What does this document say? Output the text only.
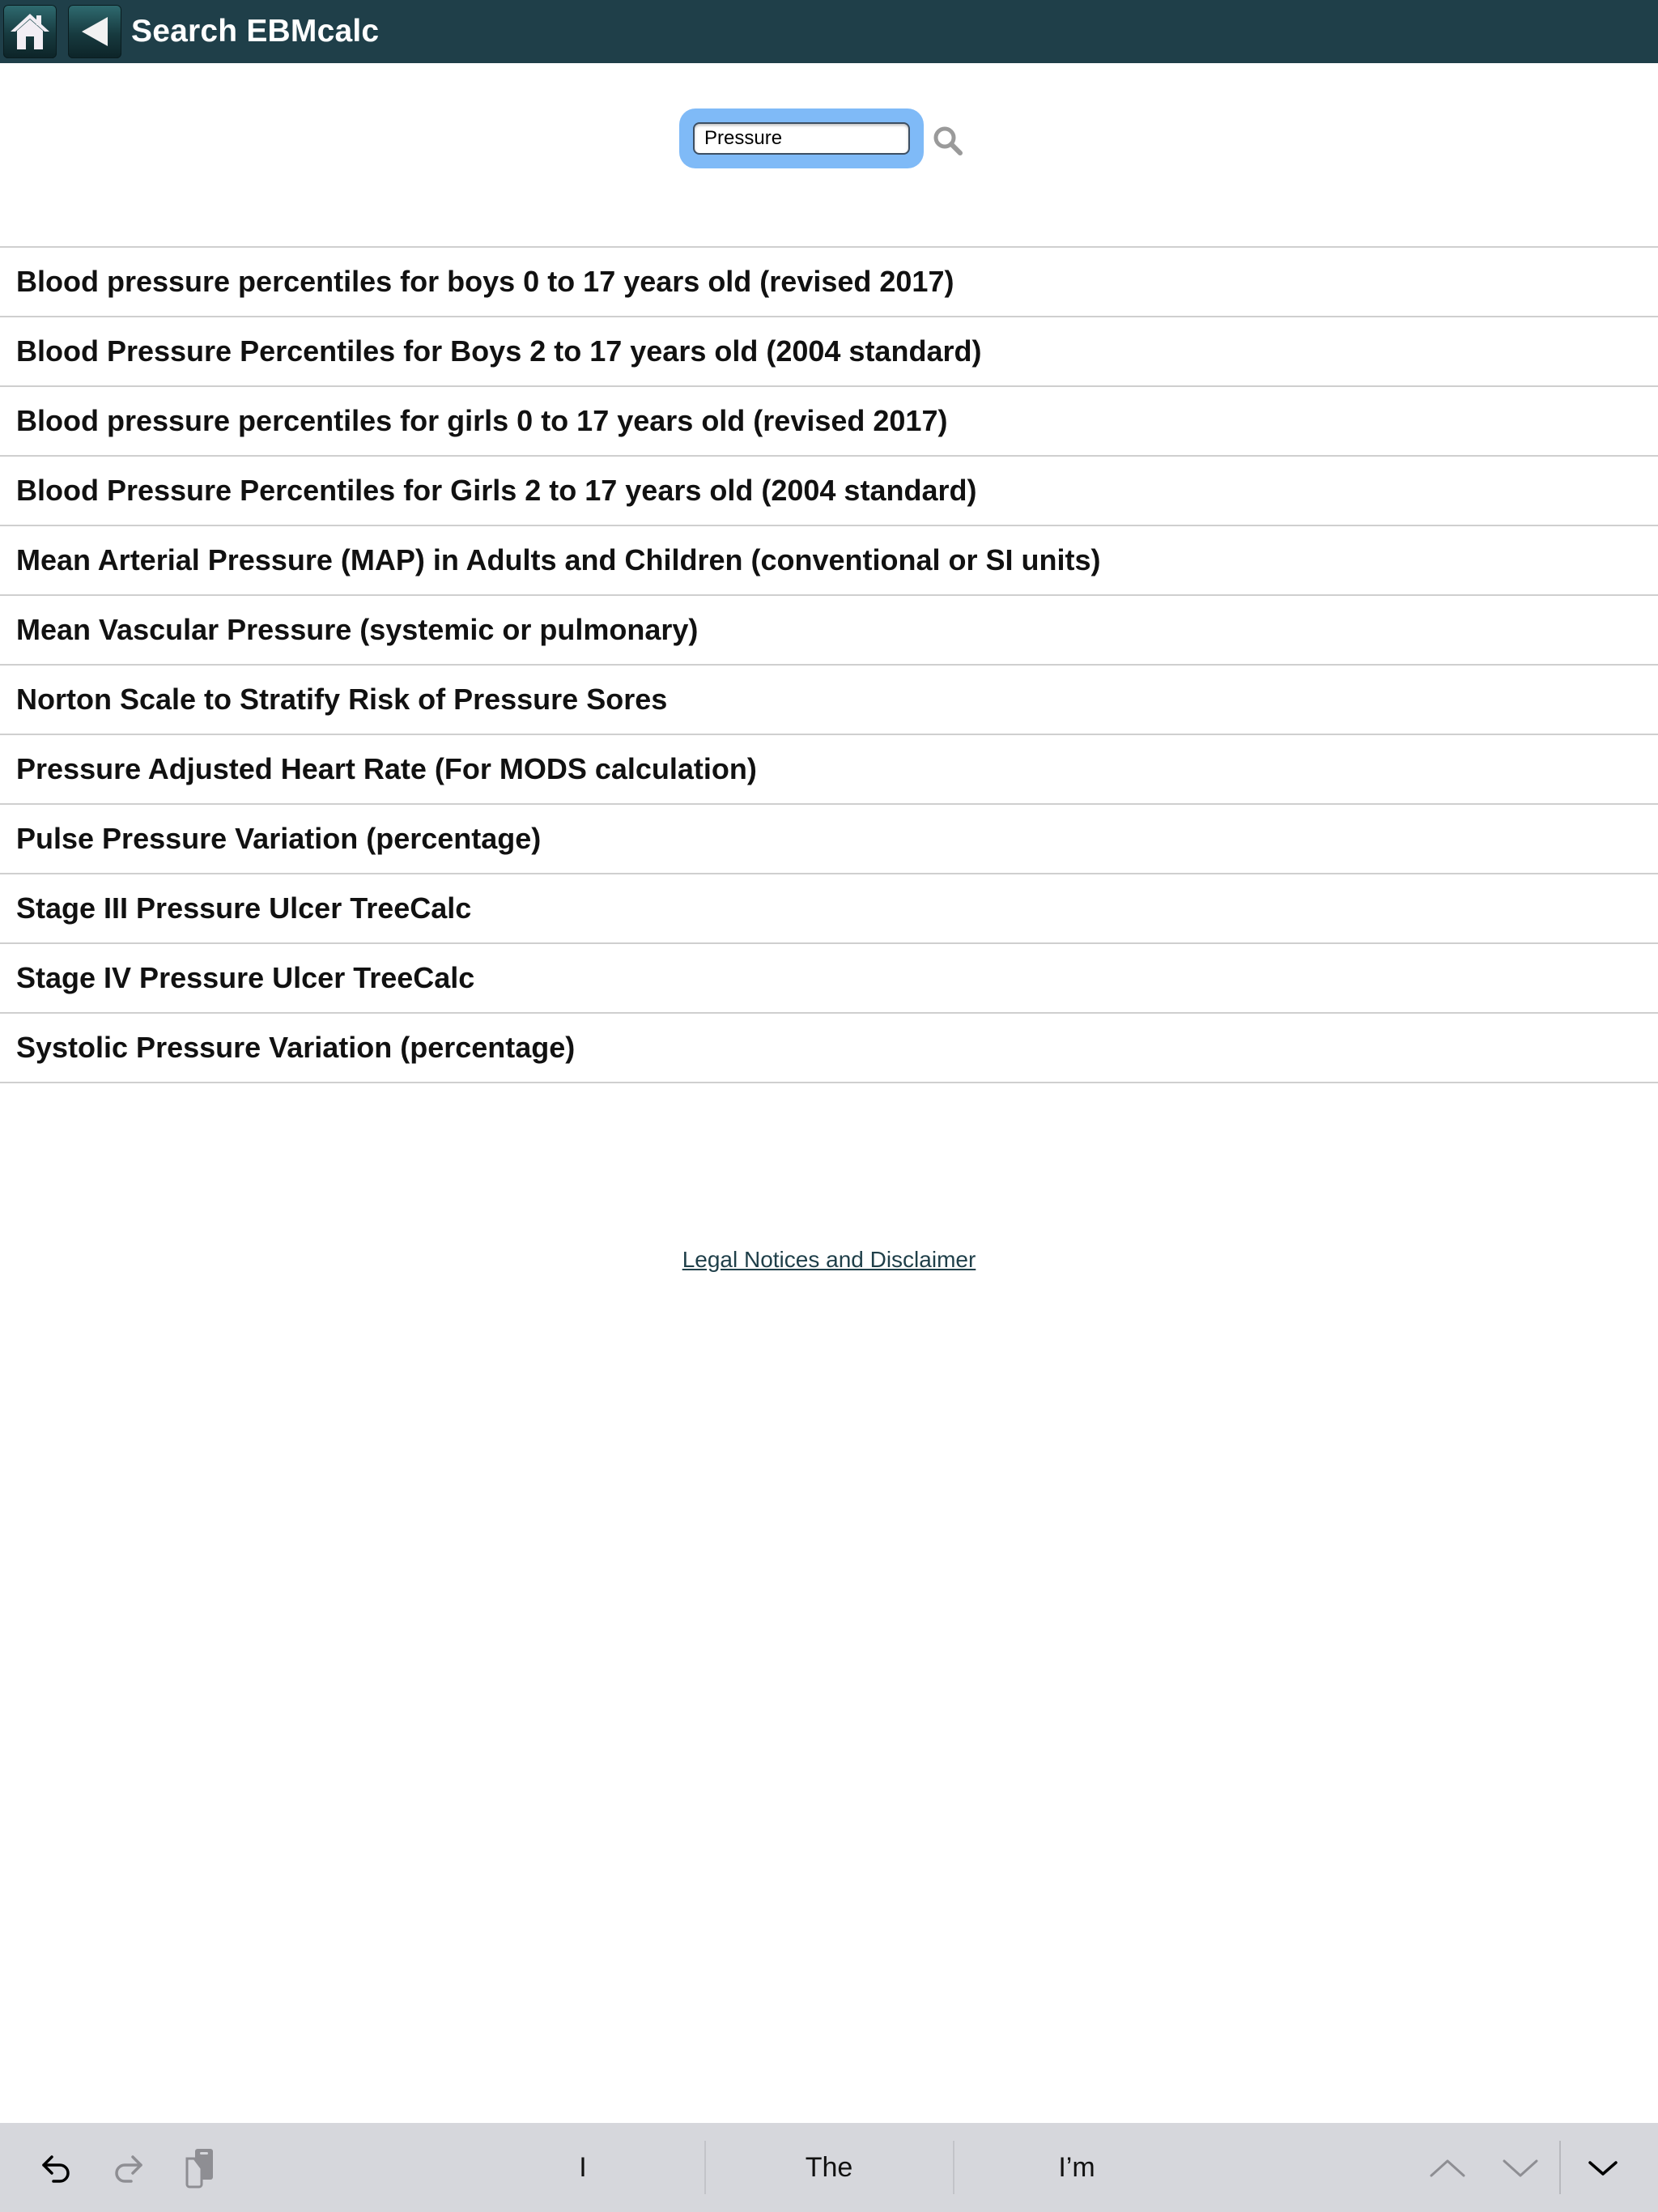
Search EBMcalc
Pressure
Blood pressure percentiles for boys 0 to 17 years old (revised 2017)
Blood Pressure Percentiles for Boys 2 to 17 years old (2004 standard)
Blood pressure percentiles for girls 0 to 17 years old (revised 2017)
Blood Pressure Percentiles for Girls 2 to 17 years old (2004 standard)
Mean Arterial Pressure (MAP) in Adults and Children (conventional or SI units)
Mean Vascular Pressure (systemic or pulmonary)
Norton Scale to Stratify Risk of Pressure Sores
Pressure Adjusted Heart Rate (For MODS calculation)
Pulse Pressure Variation (percentage)
Stage III Pressure Ulcer TreeCalc
Stage IV Pressure Ulcer TreeCalc
Systolic Pressure Variation (percentage)
Legal Notices and Disclaimer
I	The	I’m
